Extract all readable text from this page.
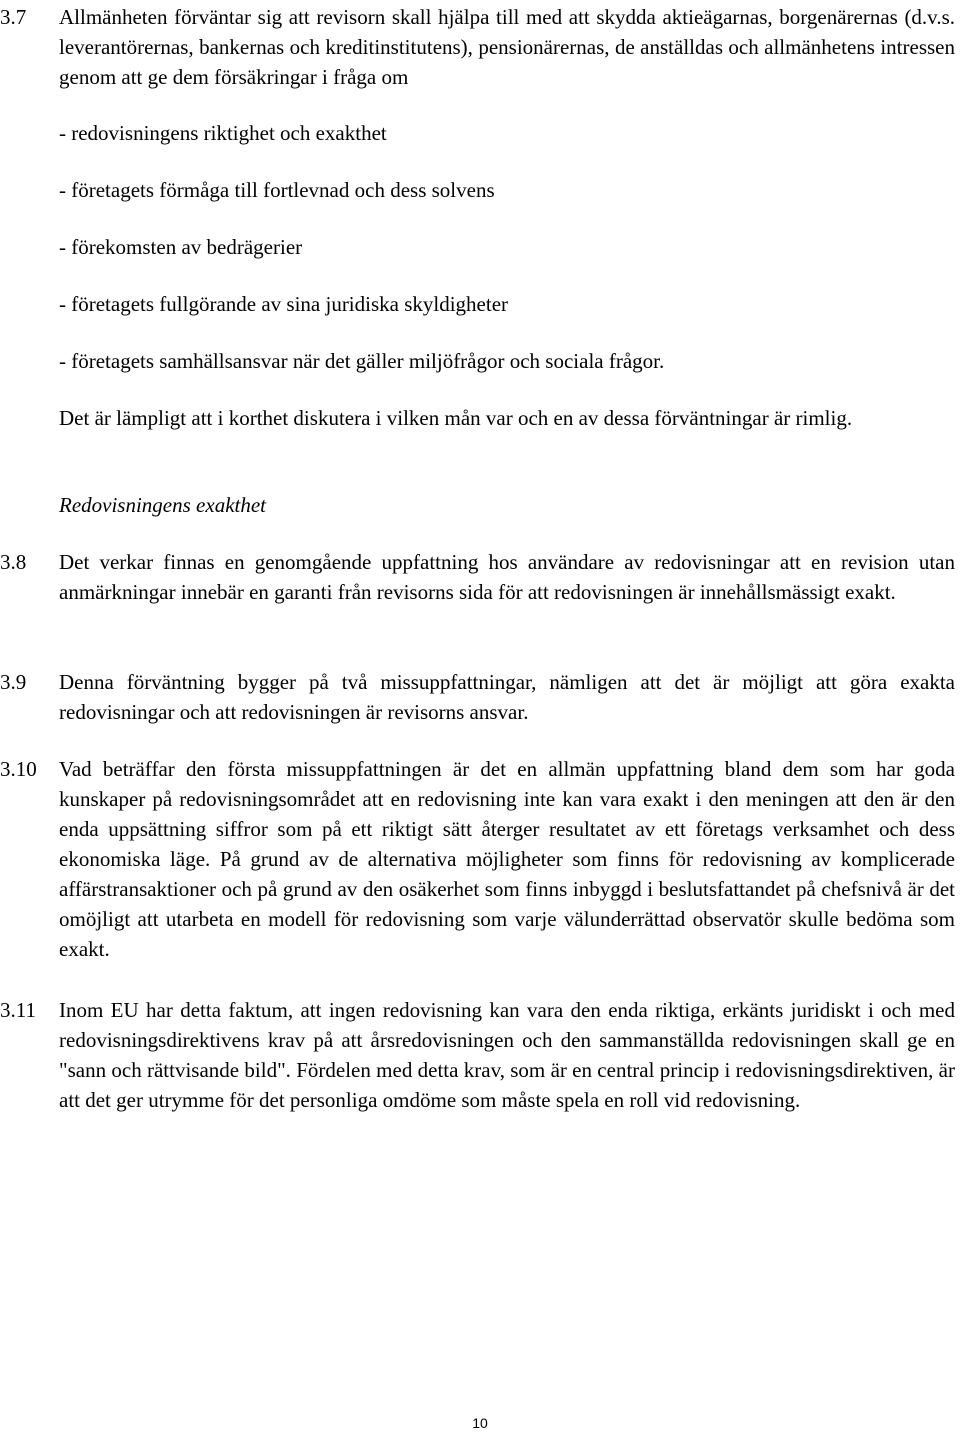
3.7	Allmänheten förväntar sig att revisorn skall hjälpa till med att skydda aktieägarnas, borgenärernas (d.v.s. leverantörernas, bankernas och kreditinstitutens), pensionärernas, de anställdas och allmänhetens intressen genom att ge dem försäkringar i fråga om
- redovisningens riktighet och exakthet
- företagets förmåga till fortlevnad och dess solvens
- förekomsten av bedrägerier
- företagets fullgörande av sina juridiska skyldigheter
- företagets samhällsansvar när det gäller miljöfrågor och sociala frågor.
Det är lämpligt att i korthet diskutera i vilken mån var och en av dessa förväntningar är rimlig.
Redovisningens exakthet
3.8	Det verkar finnas en genomgående uppfattning hos användare av redovisningar att en revision utan anmärkningar innebär en garanti från revisorns sida för att redovisningen är innehållsmässigt exakt.
3.9	Denna förväntning bygger på två missuppfattningar, nämligen att det är möjligt att göra exakta redovisningar och att redovisningen är revisorns ansvar.
3.10	Vad beträffar den första missuppfattningen är det en allmän uppfattning bland dem som har goda kunskaper på redovisningsområdet att en redovisning inte kan vara exakt i den meningen att den är den enda uppsättning siffror som på ett riktigt sätt återger resultatet av ett företags verksamhet och dess ekonomiska läge. På grund av de alternativa möjligheter som finns för redovisning av komplicerade affärstransaktioner och på grund av den osäkerhet som finns inbyggd i beslutsfattandet på chefsnivå är det omöjligt att utarbeta en modell för redovisning som varje välunderrättad observatör skulle bedöma som exakt.
3.11	Inom EU har detta faktum, att ingen redovisning kan vara den enda riktiga, erkänts juridiskt i och med redovisningsdirektivens krav på att årsredovisningen och den sammanställda redovisningen skall ge en "sann och rättvisande bild". Fördelen med detta krav, som är en central princip i redovisningsdirektiven, är att det ger utrymme för det personliga omdöme som måste spela en roll vid redovisning.
10
